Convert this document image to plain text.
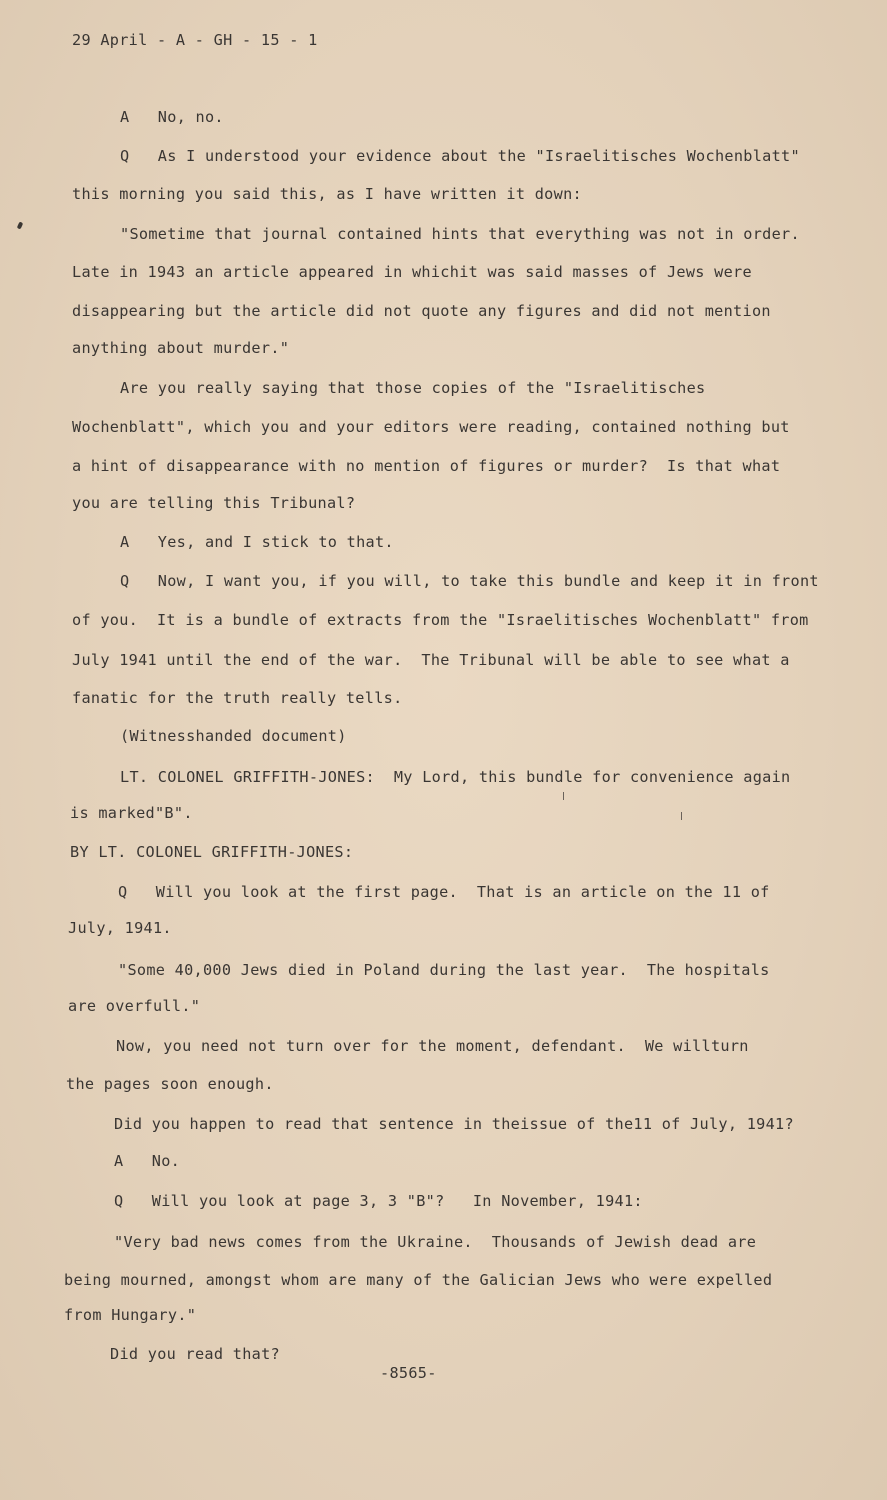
29 April - A - GH - 15 - 1
A   No, no.
Q   As I understood your evidence about the "Israelitisches Wochenblatt"
this morning you said this, as I have written it down:
"Sometime that journal contained hints that everything was not in order.
Late in 1943 an article appeared in whichit was said masses of Jews were
disappearing but the article did not quote any figures and did not mention
anything about murder."
Are you really saying that those copies of the "Israelitisches
Wochenblatt", which you and your editors were reading, contained nothing but
a hint of disappearance with no mention of figures or murder?  Is that what
you are telling this Tribunal?
A   Yes, and I stick to that.
Q   Now, I want you, if you will, to take this bundle and keep it in front
of you.  It is a bundle of extracts from the "Israelitisches Wochenblatt" from
July 1941 until the end of the war.  The Tribunal will be able to see what a
fanatic for the truth really tells.
(Witnesshanded document)
LT. COLONEL GRIFFITH-JONES:  My Lord, this bundle for convenience again
is marked"B".
BY LT. COLONEL GRIFFITH-JONES:
Q   Will you look at the first page.  That is an article on the 11 of
July, 1941.
"Some 40,000 Jews died in Poland during the last year.  The hospitals
are overfull."
Now, you need not turn over for the moment, defendant.  We willturn
the pages soon enough.
Did you happen to read that sentence in theissue of the11 of July, 1941?
A   No.
Q   Will you look at page 3, 3 "B"?   In November, 1941:
"Very bad news comes from the Ukraine.  Thousands of Jewish dead are
being mourned, amongst whom are many of the Galician Jews who were expelled
from Hungary."
Did you read that?
-8565-
